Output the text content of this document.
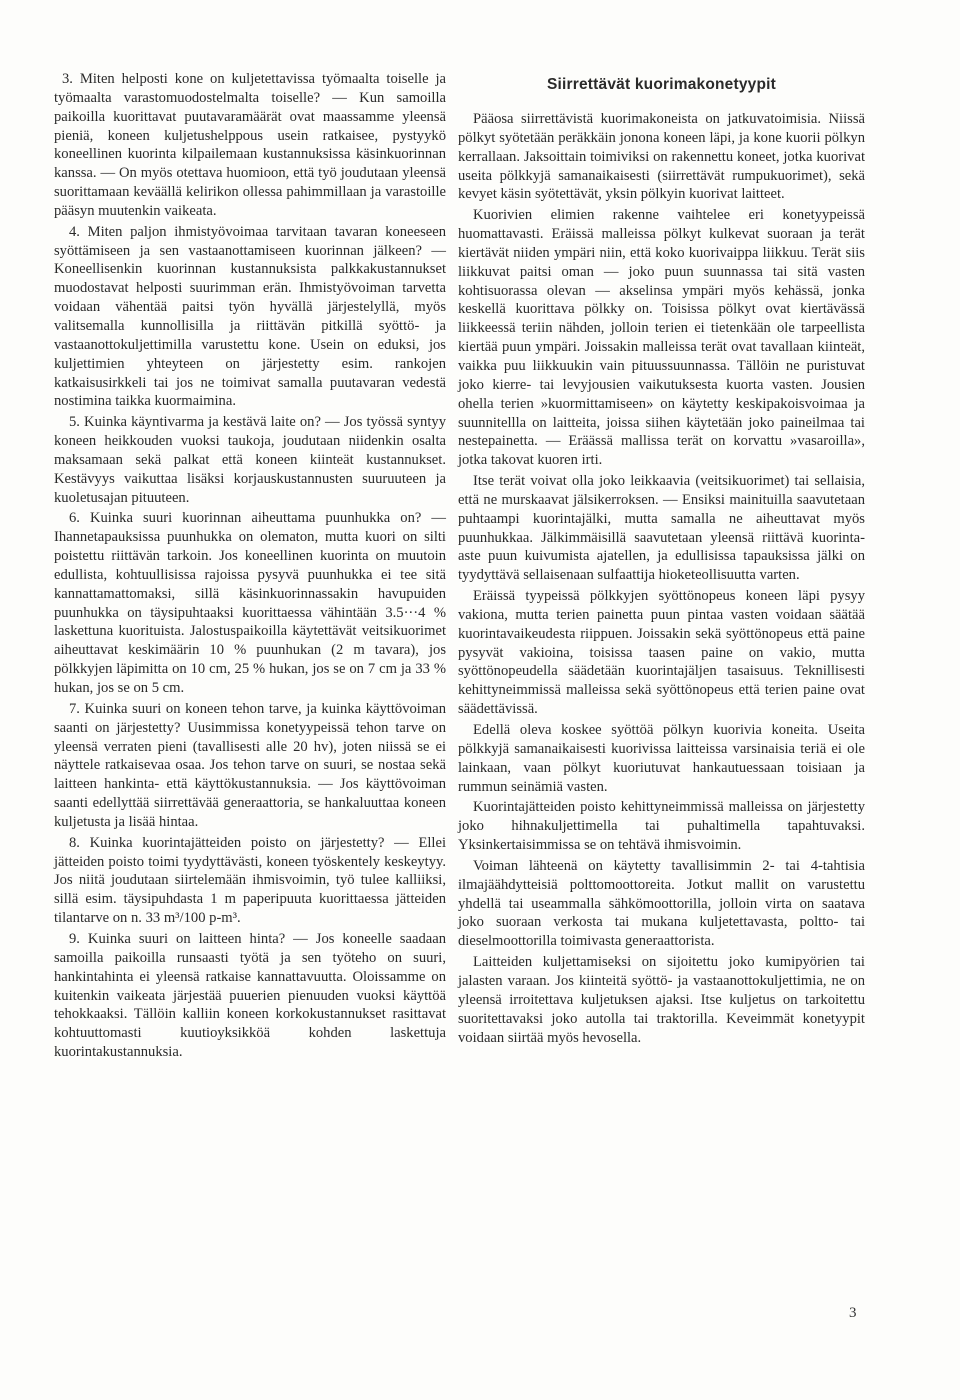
3. Miten helposti kone on kuljetettavissa työmaalta toiselle ja työmaalta varastomuodostelmalta toiselle? — Kun samoilla paikoilla kuorittavat puutavaramäärät ovat maassamme yleensä pieniä, koneen kuljetushelppous usein ratkaisee, pystyykö koneellinen kuorinta kilpailemaan kustannuksissa käsinkuorinnan kanssa. — On myös otettava huomioon, että työ joudutaan yleensä suorittamaan keväällä kelirikon ollessa pahimmillaan ja varastoille pääsyn muutenkin vaikeata.

4. Miten paljon ihmistyövoimaa tarvitaan tavaran koneeseen syöttämiseen ja sen vastaanottamiseen kuorinnan jälkeen? — Koneellisenkin kuorinnan kustannuksista palkkakustannukset muodostavat helposti suurimman erän. Ihmistyövoiman tarvetta voidaan vähentää paitsi työn hyvällä järjestelyllä, myös valitsemalla kunnollisilla ja riittävän pitkillä syöttö- ja vastaanottokuljettimilla varustettu kone. Usein on eduksi, jos kuljettimien yhteyteen on järjestetty esim. rankojen katkaisusirkkeli tai jos ne toimivat samalla puutavaran vedestä nostimina taikka kuormaimina.

5. Kuinka käyntivarma ja kestävä laite on? — Jos työssä syntyy koneen heikkouden vuoksi taukoja, joudutaan niidenkin osalta maksamaan sekä palkat että koneen kiinteät kustannukset. Kestävyys vaikuttaa lisäksi korjauskustannusten suuruuteen ja kuoletusajan pituuteen.

6. Kuinka suuri kuorinnan aiheuttama puunhukka on? — Ihannetapauksissa puunhukka on olematon, mutta kuori on silti poistettu riittävän tarkoin. Jos koneellinen kuorinta on muutoin edullista, kohtuullisissa rajoissa pysyvä puunhukka ei tee sitä kannattamattomaksi, sillä käsinkuorinnassakin havupuiden puunhukka on täysipuhtaaksi kuorittaessa vähintään 3.5···4 % laskettuna kuorituista. Jalostuspaikoilla käytettävät veitsikuorimet aiheuttavat keskimäärin 10 % puunhukan (2 m tavara), jos pölkkyjen läpimitta on 10 cm, 25 % hukan, jos se on 7 cm ja 33 % hukan, jos se on 5 cm.

7. Kuinka suuri on koneen tehon tarve, ja kuinka käyttövoiman saanti on järjestetty? Uusimmissa konetyypeissä tehon tarve on yleensä verraten pieni (tavallisesti alle 20 hv), joten niissä se ei näyttele ratkaisevaa osaa. Jos tehon tarve on suuri, se nostaa sekä laitteen hankinta- että käyttökustannuksia. — Jos käyttövoiman saanti edellyttää siirrettävää generaattoria, se hankaluuttaa koneen kuljetusta ja lisää hintaa.

8. Kuinka kuorintajätteiden poisto on järjestetty? — Ellei jätteiden poisto toimi tyydyttävästi, koneen työskentely keskeytyy. Jos niitä joudutaan siirtelemään ihmisvoimin, työ tulee kalliiksi, sillä esim. täysipuhdasta 1 m paperipuuta kuorittaessa jätteiden tilantarve on n. 33 m³/100 p-m³.

9. Kuinka suuri on laitteen hinta? — Jos koneelle saadaan samoilla paikoilla runsaasti työtä ja sen työteho on suuri, hankintahinta ei yleensä ratkaise kannattavuutta. Oloissamme on kuitenkin vaikeata järjestää puuerien pienuuden vuoksi käyttöä tehokkaaksi. Tällöin kalliin koneen korkokustannukset rasittavat kohtuuttomasti kuutioyksikköä kohden laskettuja kuorintakustannuksia.

Siirrettävät kuorimakonetyypit

Pääosa siirrettävistä kuorimakoneista on jatkuvatoimisia. Niissä pölkyt syötetään peräkkäin jonona koneen läpi, ja kone kuorii pölkyn kerrallaan. Jaksoittain toimiviksi on rakennettu koneet, jotka kuorivat useita pölkkyjä samanaikaisesti (siirrettävät rumpukuorimet), sekä kevyet käsin syötettävät, yksin pölkyin kuorivat laitteet.

Kuorivien elimien rakenne vaihtelee eri konetyypeissä huomattavasti. Eräissä malleissa pölkyt kulkevat suoraan ja terät kiertävät niiden ympäri niin, että koko kuorivaippa liikkuu. Terät siis liikkuvat paitsi oman — joko puun suunnassa tai sitä vasten kohtisuorassa olevan — akselinsa ympäri myös kehässä, jonka keskellä kuorittava pölkky on. Toisissa pölkyt ovat kiertävässä liikkeessä teriin nähden, jolloin terien ei tietenkään ole tarpeellista kiertää puun ympäri. Joissakin malleissa terät ovat tavallaan kiinteät, vaikka puu liikkuukin vain pituussuunnassa. Tällöin ne puristuvat joko kierre- tai levyjousien vaikutuksesta kuorta vasten. Jousien ohella terien »kuormittamiseen» on käytetty keskipakoisvoimaa ja suunnitellla on laitteita, joissa siihen käytetään joko paineilmaa tai nestepainetta. — Eräässä mallissa terät on korvattu »vasaroilla», jotka takovat kuoren irti.

Itse terät voivat olla joko leikkaavia (veitsikuorimet) tai sellaisia, että ne murskaavat jälsikerroksen. — Ensiksi mainituilla saavutetaan puhtaampi kuorintajälki, mutta samalla ne aiheuttavat myös puunhukkaa. Jälkimmäisillä saavutetaan yleensä riittävä kuorinta-aste puun kuivumista ajatellen, ja edullisissa tapauksissa jälki on tyydyttävä sellaisenaan sulfaattija hioketeollisuutta varten.

Eräissä tyypeissä pölkkyjen syöttönopeus koneen läpi pysyy vakiona, mutta terien painetta puun pintaa vasten voidaan säätää kuorintavaikeudesta riippuen. Joissakin sekä syöttönopeus että paine pysyvät vakioina, toisissa taasen paine on vakio, mutta syöttönopeudella säädetään kuorintajäljen tasaisuus. Teknillisesti kehittyneimmissä malleissa sekä syöttönopeus että terien paine ovat säädettävissä.

Edellä oleva koskee syöttöä pölkyn kuorivia koneita. Useita pölkkyjä samanaikaisesti kuorivissa laitteissa varsinaisia teriä ei ole lainkaan, vaan pölkyt kuoriutuvat hankautuessaan toisiaan ja rummun seinämiä vasten.

Kuorintajätteiden poisto kehittyneimmissä malleissa on järjestetty joko hihnakuljettimella tai puhaltimella tapahtuvaksi. Yksinkertaisimmissa se on tehtävä ihmisvoimin.

Voiman lähteenä on käytetty tavallisimmin 2- tai 4-tahtisia ilmajäähdytteisiä polttomoottoreita. Jotkut mallit on varustettu yhdellä tai useammalla sähkömoottorilla, jolloin virta on saatava joko suoraan verkosta tai mukana kuljetettavasta, poltto- tai dieselmoottorilla toimivasta generaattorista.

Laitteiden kuljettamiseksi on sijoitettu joko kumipyörien tai jalasten varaan. Jos kiinteitä syöttö- ja vastaanottokuljettimia, ne on yleensä irroitettava kuljetuksen ajaksi. Itse kuljetus on tarkoitettu suoritettavaksi joko autolla tai traktorilla. Keveimmät konetyypit voidaan siirtää myös hevosella.

3
